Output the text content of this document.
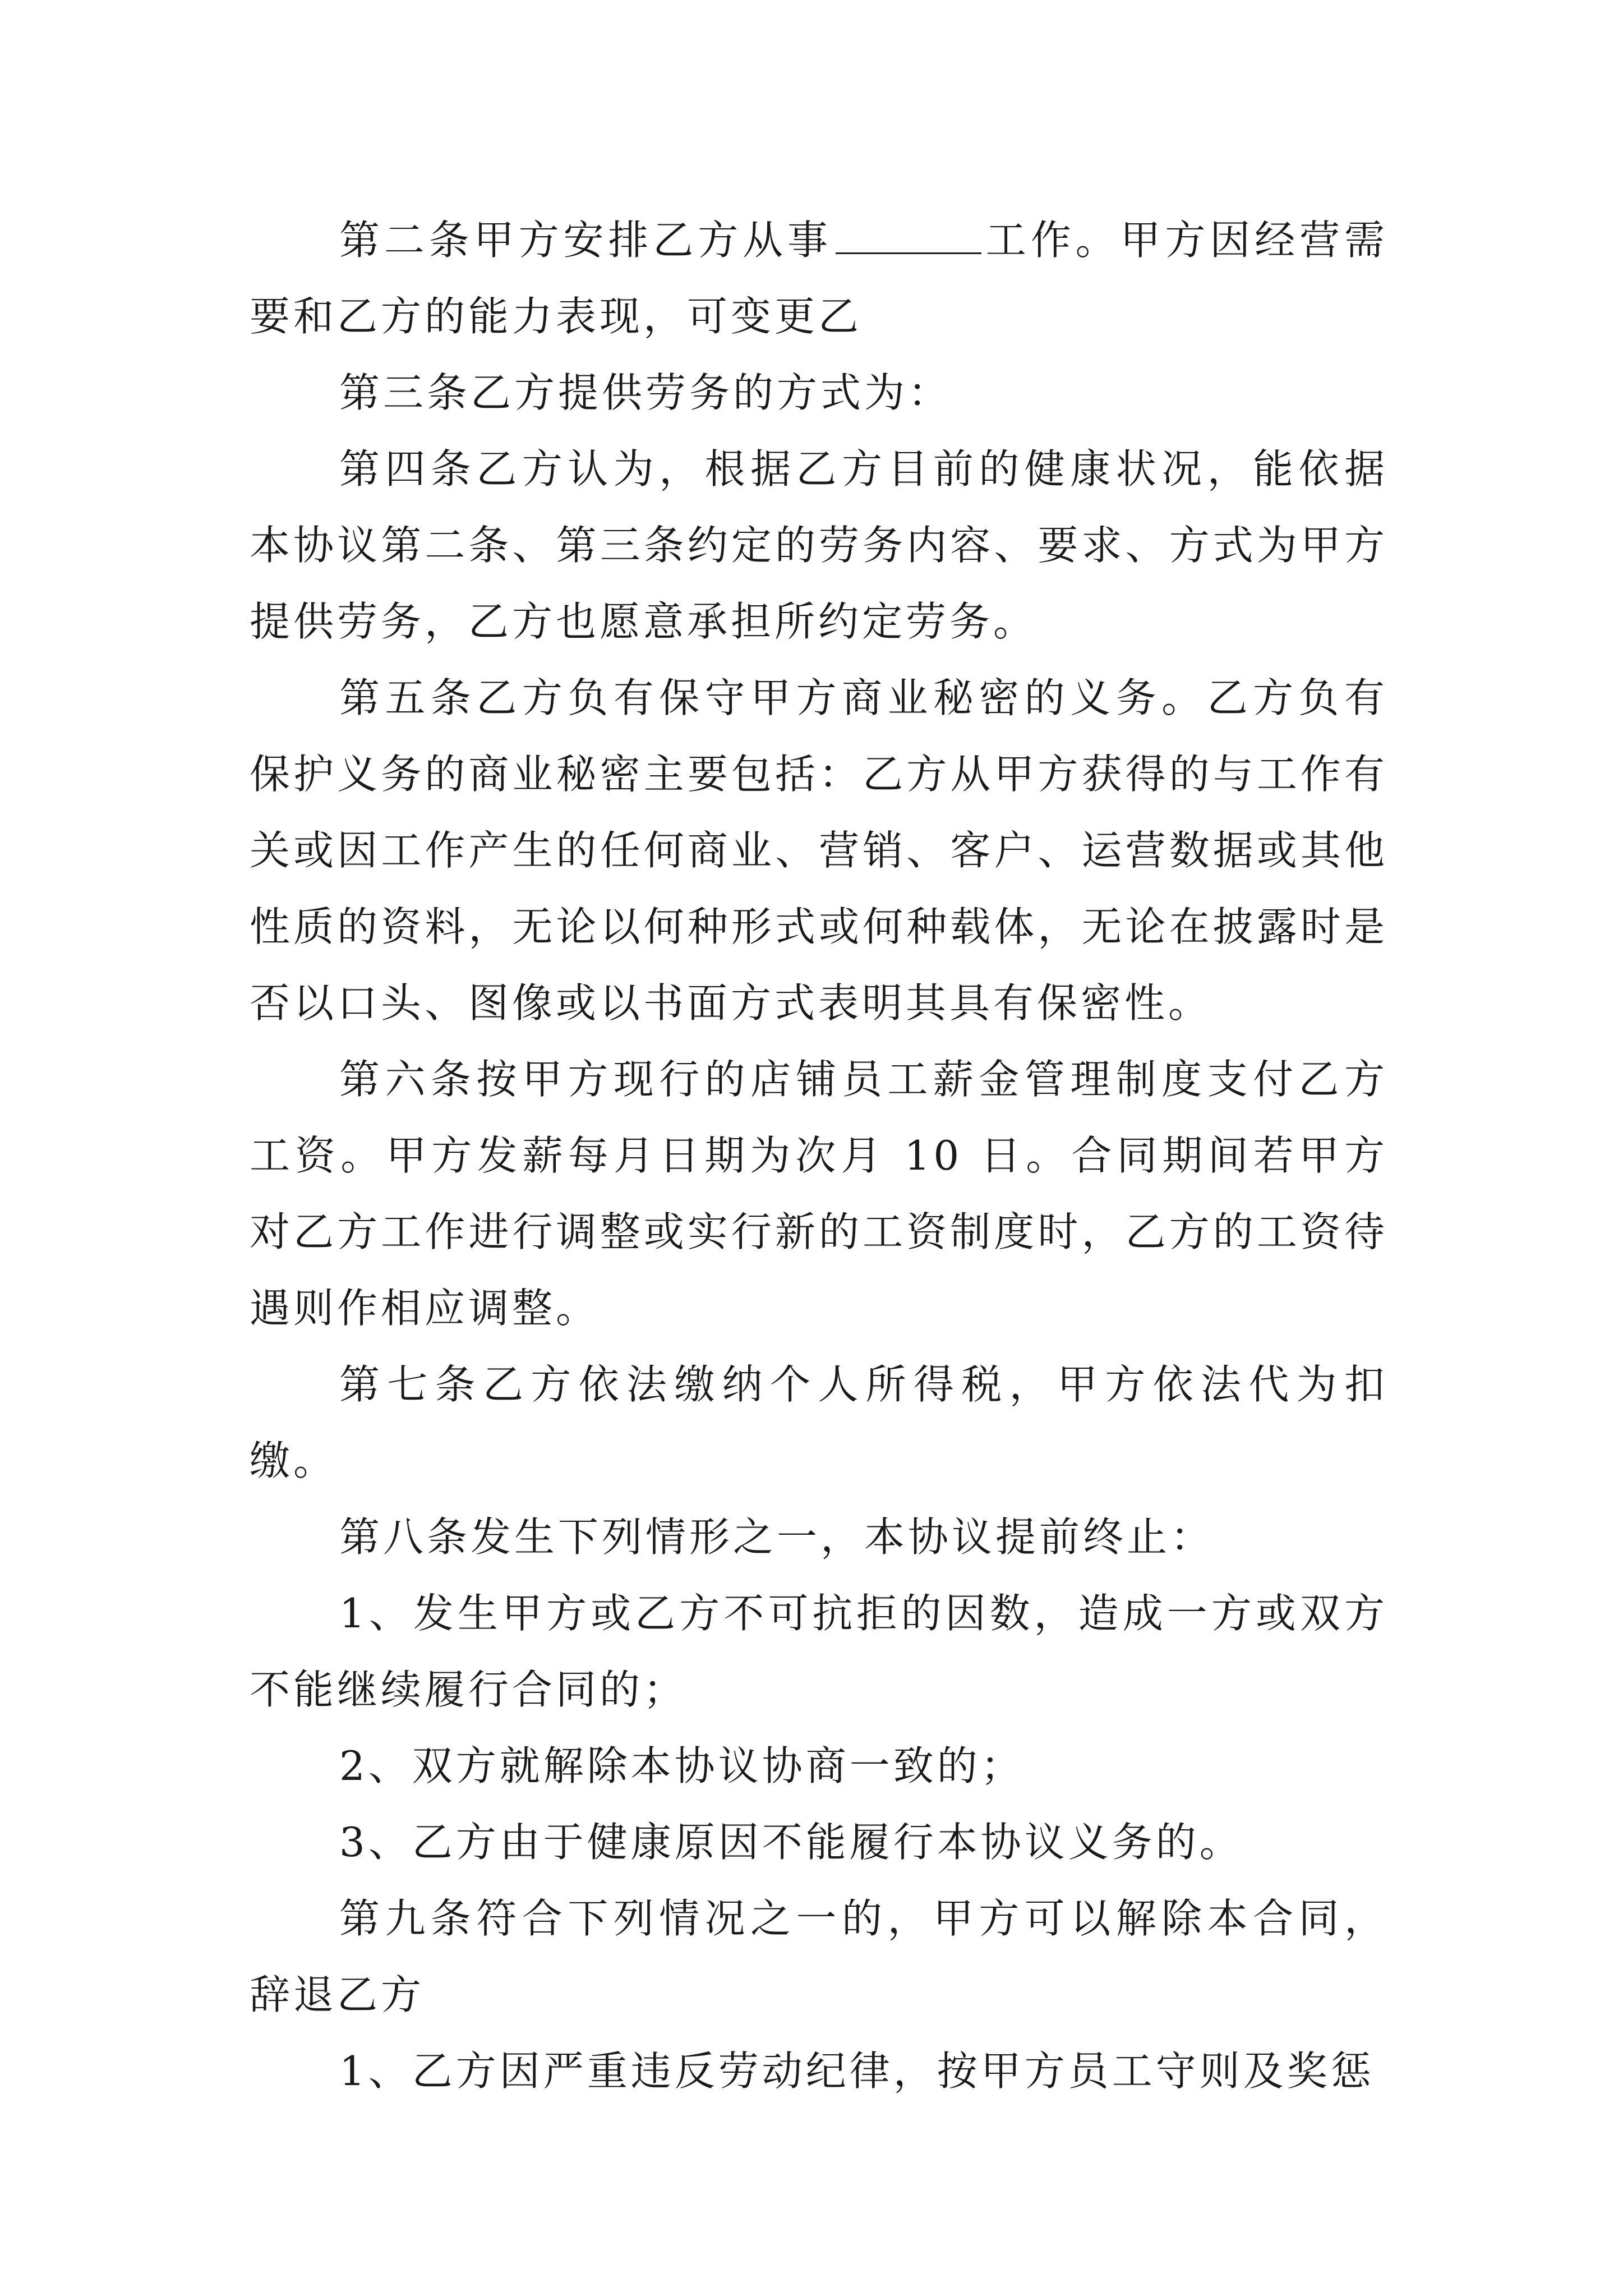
第二条甲方安排乙方从事	工作。甲方因经营需要和乙方的能力表现，可变更乙

第三条乙方提供劳务的方式为：

第四条乙方认为，根据乙方目前的健康状况，能依据本协议第二条、第三条约定的劳务内容、要求、方式为甲方提供劳务，乙方也愿意承担所约定劳务。

第五条乙方负有保守甲方商业秘密的义务。乙方负有保护义务的商业秘密主要包括：乙方从甲方获得的与工作有关或因工作产生的任何商业、营销、客户、运营数据或其他性质的资料，无论以何种形式或何种载体，无论在披露时是否以口头、图像或以书面方式表明其具有保密性。

第六条按甲方现行的店铺员工薪金管理制度支付乙方工资。甲方发薪每月日期为次月 10 日。合同期间若甲方对乙方工作进行调整或实行新的工资制度时，乙方的工资待遇则作相应调整。

第七条乙方依法缴纳个人所得税，甲方依法代为扣缴。

第八条发生下列情形之一，本协议提前终止：

1、发生甲方或乙方不可抗拒的因数，造成一方或双方不能继续履行合同的；

2、双方就解除本协议协商一致的；

3、乙方由于健康原因不能履行本协议义务的。

第九条符合下列情况之一的，甲方可以解除本合同，辞退乙方

1、乙方因严重违反劳动纪律，按甲方员工守则及奖惩
